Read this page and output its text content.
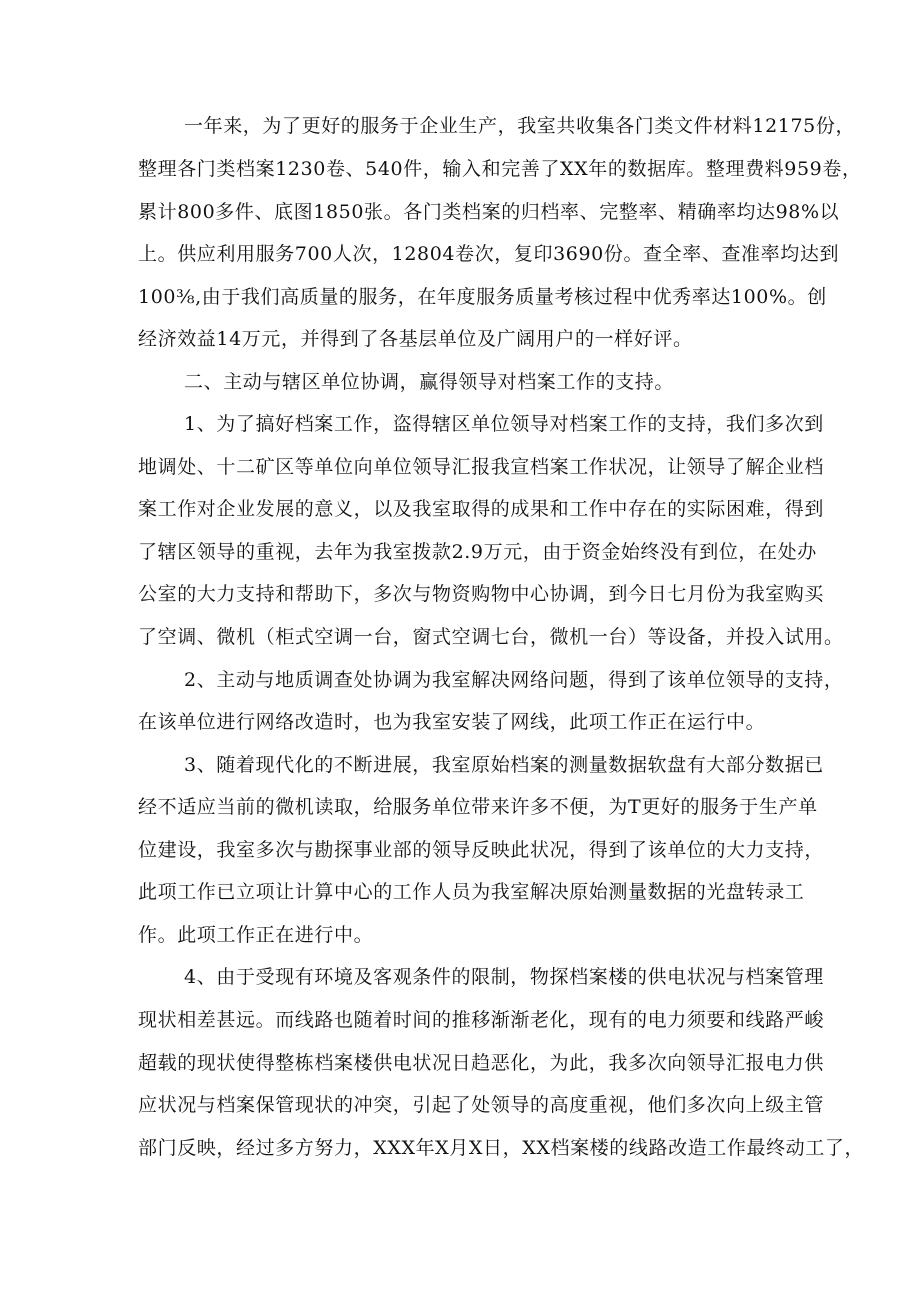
一年来，为了更好的服务于企业生产，我室共收集各门类文件材料12175份，
整理各门类档案1230卷、540件，输入和完善了XX年的数据库。整理费料959卷，
累计800多件、底图1850张。各门类档案的归档率、完整率、精确率均达98%以
上。供应利用服务700人次，12804卷次，复印3690份。查全率、查准率均达到
100⅜,由于我们高质量的服务，在年度服务质量考核过程中优秀率达100%。创
经济效益14万元，并得到了各基层单位及广阔用户的一样好评。
二、主动与辖区单位协调，赢得领导对档案工作的支持。
1、为了搞好档案工作，盗得辖区单位领导对档案工作的支持，我们多次到
地调处、十二矿区等单位向单位领导汇报我宣档案工作状况，让领导了解企业档
案工作对企业发展的意义，以及我室取得的成果和工作中存在的实际困难，得到
了辖区领导的重视，去年为我室拨款2.9万元，由于资金始终没有到位，在处办
公室的大力支持和帮助下，多次与物资购物中心协调，到今日七月份为我室购买
了空调、微机（柜式空调一台，窗式空调七台，微机一台）等设备，并投入试用。
2、主动与地质调查处协调为我室解决网络问题，得到了该单位领导的支持，
在该单位进行网络改造时，也为我室安装了网线，此项工作正在运行中。
3、随着现代化的不断进展，我室原始档案的测量数据软盘有大部分数据已
经不适应当前的微机读取，给服务单位带来许多不便，为T更好的服务于生产单
位建设，我室多次与勘探事业部的领导反映此状况，得到了该单位的大力支持，
此项工作已立项让计算中心的工作人员为我室解决原始测量数据的光盘转录工
作。此项工作正在进行中。
4、由于受现有环境及客观条件的限制，物探档案楼的供电状况与档案管理
现状相差甚远。而线路也随着时间的推移渐渐老化，现有的电力须要和线路严峻
超载的现状使得整栋档案楼供电状况日趋恶化，为此，我多次向领导汇报电力供
应状况与档案保管现状的冲突，引起了处领导的高度重视，他们多次向上级主管
部门反映，经过多方努力，XXX年X月X日，XX档案楼的线路改造工作最终动工了，
